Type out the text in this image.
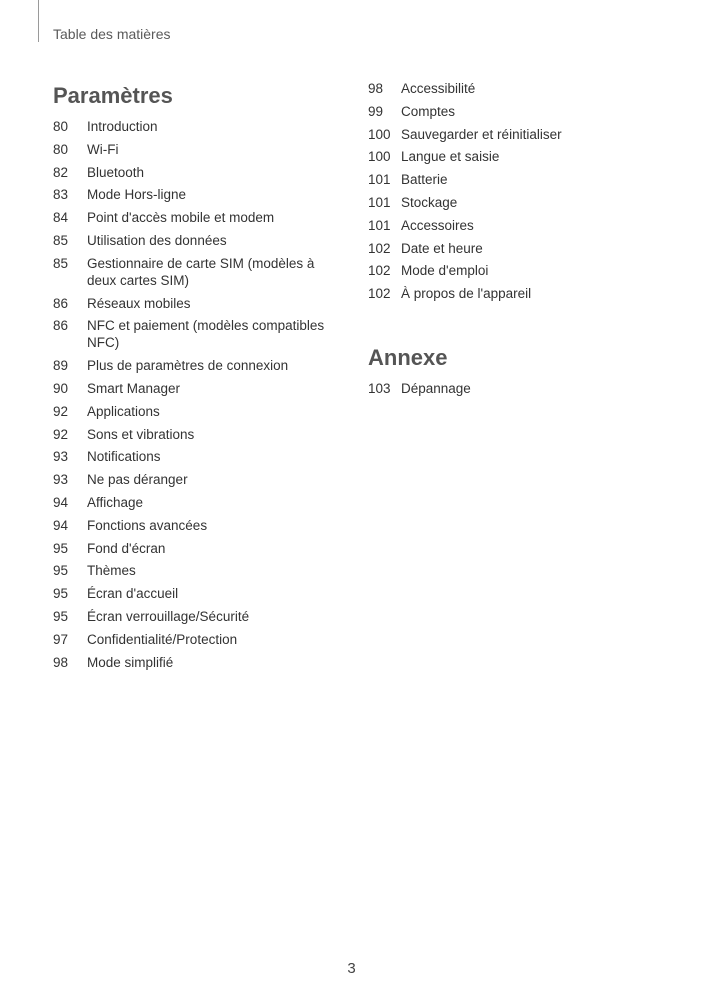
Table des matières
Paramètres
80	Introduction
80	Wi-Fi
82	Bluetooth
83	Mode Hors-ligne
84	Point d'accès mobile et modem
85	Utilisation des données
85	Gestionnaire de carte SIM (modèles à deux cartes SIM)
86	Réseaux mobiles
86	NFC et paiement (modèles compatibles NFC)
89	Plus de paramètres de connexion
90	Smart Manager
92	Applications
92	Sons et vibrations
93	Notifications
93	Ne pas déranger
94	Affichage
94	Fonctions avancées
95	Fond d'écran
95	Thèmes
95	Écran d'accueil
95	Écran verrouillage/Sécurité
97	Confidentialité/Protection
98	Mode simplifié
98	Accessibilité
99	Comptes
100 Sauvegarder et réinitialiser
100 Langue et saisie
101 Batterie
101 Stockage
101 Accessoires
102 Date et heure
102 Mode d'emploi
102 À propos de l'appareil
Annexe
103 Dépannage
3
